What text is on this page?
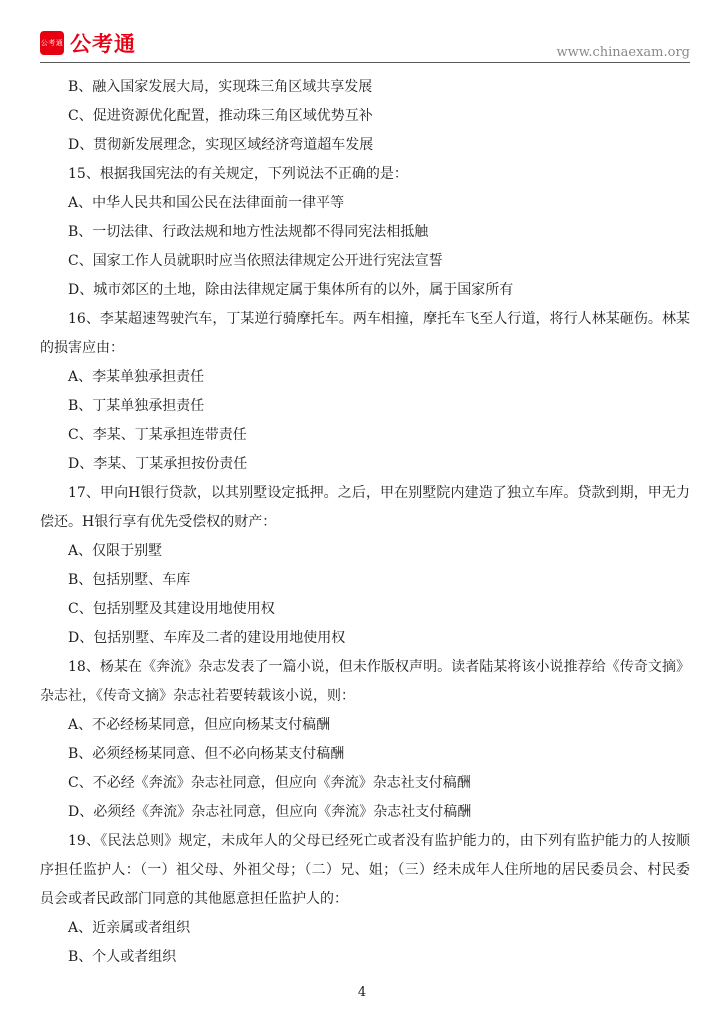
公考通 公考通	www.chinaexam.org

B、融入国家发展大局，实现珠三角区域共享发展

C、促进资源优化配置，推动珠三角区域优势互补

D、贯彻新发展理念，实现区域经济弯道超车发展

15、根据我国宪法的有关规定，下列说法不正确的是：

A、中华人民共和国公民在法律面前一律平等

B、一切法律、行政法规和地方性法规都不得同宪法相抵触

C、国家工作人员就职时应当依照法律规定公开进行宪法宣誓

D、城市郊区的土地，除由法律规定属于集体所有的以外，属于国家所有

16、李某超速驾驶汽车，丁某逆行骑摩托车。两车相撞，摩托车飞至人行道，将行人林某砸伤。林某的损害应由：

A、李某单独承担责任

B、丁某单独承担责任

C、李某、丁某承担连带责任

D、李某、丁某承担按份责任

17、甲向H银行贷款，以其别墅设定抵押。之后，甲在别墅院内建造了独立车库。贷款到期，甲无力偿还。H银行享有优先受偿权的财产：

A、仅限于别墅

B、包括别墅、车库

C、包括别墅及其建设用地使用权

D、包括别墅、车库及二者的建设用地使用权

18、杨某在《奔流》杂志发表了一篇小说，但未作版权声明。读者陆某将该小说推荐给《传奇文摘》杂志社，《传奇文摘》杂志社若要转载该小说，则：

A、不必经杨某同意，但应向杨某支付稿酬

B、必须经杨某同意、但不必向杨某支付稿酬

C、不必经《奔流》杂志社同意，但应向《奔流》杂志社支付稿酬

D、必须经《奔流》杂志社同意，但应向《奔流》杂志社支付稿酬

19、《民法总则》规定，未成年人的父母已经死亡或者没有监护能力的，由下列有监护能力的人按顺序担任监护人：（一）祖父母、外祖父母；（二）兄、姐；（三）经未成年人住所地的居民委员会、村民委员会或者民政部门同意的其他愿意担任监护人的：

A、近亲属或者组织

B、个人或者组织

4
